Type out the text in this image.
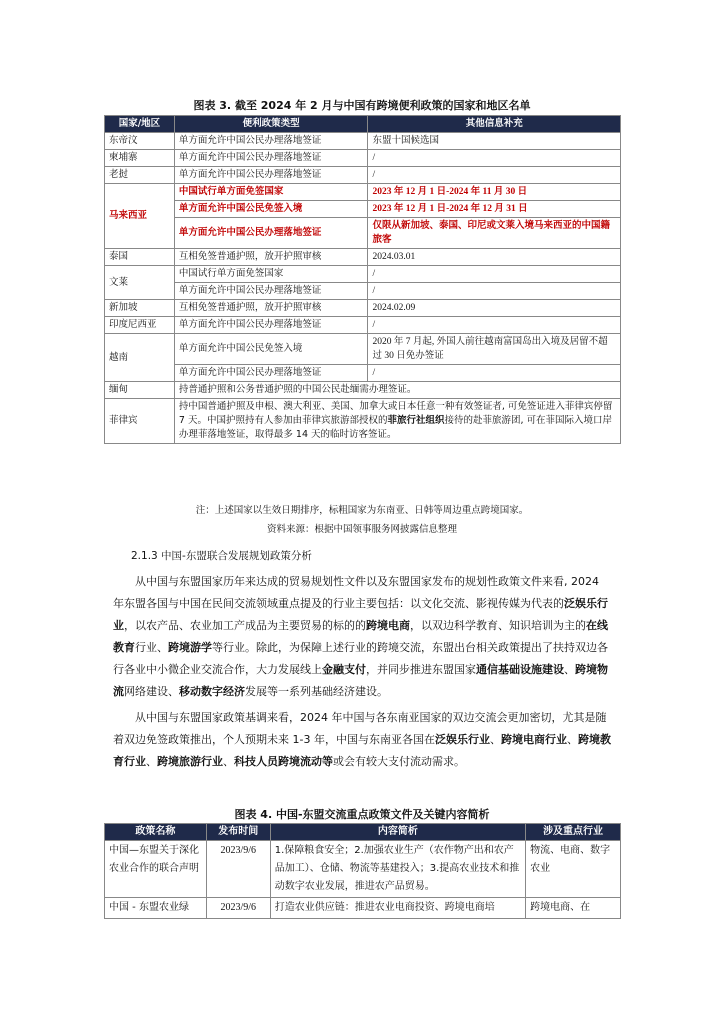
图表 3. 截至 2024 年 2 月与中国有跨境便利政策的国家和地区名单
国家/地区	便利政策类型	其他信息补充
东帝汶	单方面允许中国公民办理落地签证	东盟十国候选国
柬埔寨	单方面允许中国公民办理落地签证	/
老挝	单方面允许中国公民办理落地签证	/
马来西亚	中国试行单方面免签国家	2023 年 12 月 1 日-2024 年 11 月 30 日
	单方面允许中国公民免签入境	2023 年 12 月 1 日-2024 年 12 月 31 日
	单方面允许中国公民办理落地签证	仅限从新加坡、泰国、印尼或文莱入境马来西亚的中国籍旅客
泰国	互相免签普通护照，放开护照审核	2024.03.01
文莱	中国试行单方面免签国家	/
	单方面允许中国公民办理落地签证	/
新加坡	互相免签普通护照，放开护照审核	2024.02.09
印度尼西亚	单方面允许中国公民办理落地签证	/
越南	单方面允许中国公民免签入境	2020 年 7 月起, 外国人前往越南富国岛出入境及居留不超过 30 日免办签证
	单方面允许中国公民办理落地签证	/
缅甸	持普通护照和公务普通护照的中国公民赴缅需办理签证。	
菲律宾	持中国普通护照及申根、澳大利亚、美国、加拿大或日本任意一种有效签证者, 可免签证进入菲律宾停留 7 天。中国护照持有人参加由菲律宾旅游部授权的菲旅行社组织接待的赴菲旅游团, 可在菲国际入境口岸办理菲落地签证，取得最多 14 天的临时访客签证。	
注：上述国家以生效日期排序，标粗国家为东南亚、日韩等周边重点跨境国家。
资料来源：根据中国领事服务网披露信息整理
2.1.3 中国-东盟联合发展规划政策分析

从中国与东盟国家历年来达成的贸易规划性文件以及东盟国家发布的规划性政策文件来看, 2024 年东盟各国与中国在民间交流领域重点提及的行业主要包括：以文化交流、影视传媒为代表的泛娱乐行业，以农产品、农业加工产成品为主要贸易的标的的跨境电商，以双边科学教育、知识培训为主的在线教育行业、跨境游学等行业。除此，为保障上述行业的跨境交流，东盟出台相关政策提出了扶持双边各行各业中小微企业交流合作，大力发展线上金融支付，并同步推进东盟国家通信基础设施建设、跨境物流网络建设、移动数字经济发展等一系列基础经济建设。

从中国与东盟国家政策基调来看，2024 年中国与各东南亚国家的双边交流会更加密切，尤其是随着双边免签政策推出，个人预期未来 1-3 年，中国与东南亚各国在泛娱乐行业、跨境电商行业、跨境教育行业、跨境旅游行业、科技人员跨境流动等或会有较大支付流动需求。

图表 4. 中国-东盟交流重点政策文件及关键内容简析
政策名称	发布时间	内容简析	涉及重点行业
中国—东盟关于深化农业合作的联合声明	2023/9/6	1.保障粮食安全；2.加强农业生产（农作物产出和农产品加工）、仓储、物流等基建投入；3.提高农业技术和推动数字农业发展，推进农产品贸易。	物流、电商、数字农业
中国 - 东盟农业绿	2023/9/6	打造农业供应链：推进农业电商投资、跨境电商培	跨境电商、在
